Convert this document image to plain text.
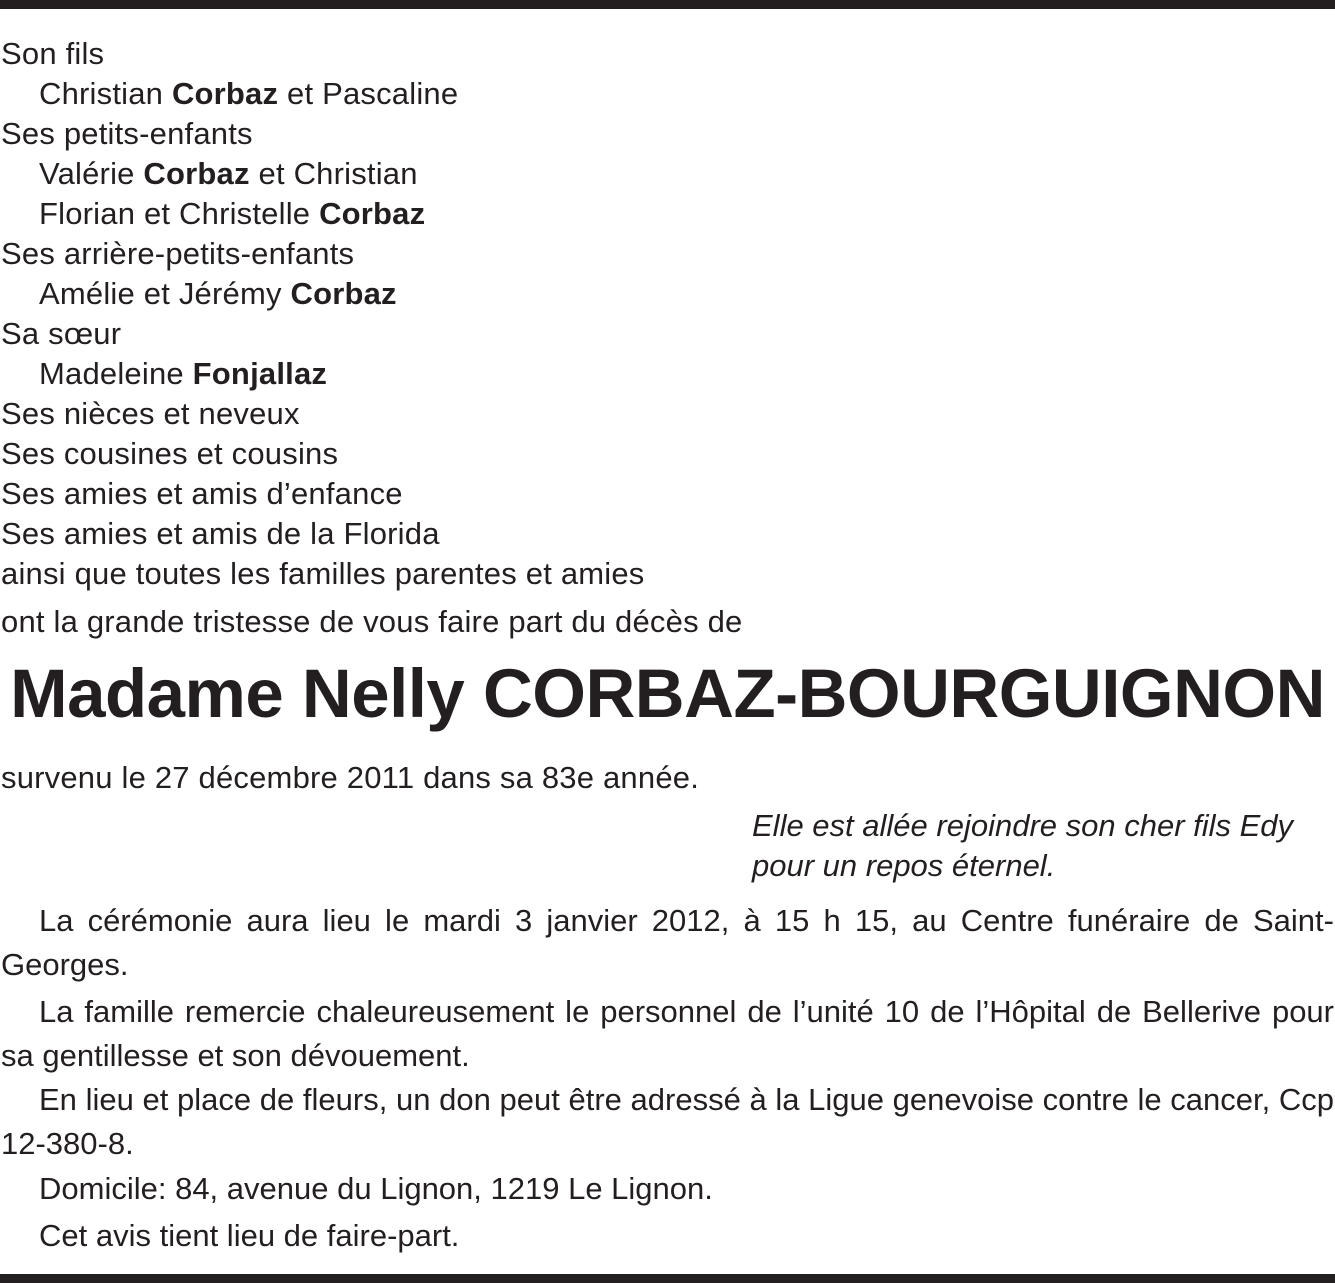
Son fils
Christian Corbaz et Pascaline
Ses petits-enfants
Valérie Corbaz et Christian
Florian et Christelle Corbaz
Ses arrière-petits-enfants
Amélie et Jérémy Corbaz
Sa sœur
Madeleine Fonjallaz
Ses nièces et neveux
Ses cousines et cousins
Ses amies et amis d’enfance
Ses amies et amis de la Florida
ainsi que toutes les familles parentes et amies
ont la grande tristesse de vous faire part du décès de
Madame Nelly CORBAZ-BOURGUIGNON
survenu le 27 décembre 2011 dans sa 83e année.
Elle est allée rejoindre son cher fils Edy
pour un repos éternel.
La cérémonie aura lieu le mardi 3 janvier 2012, à 15 h 15, au Centre funéraire de Saint-Georges.
La famille remercie chaleureusement le personnel de l’unité 10 de l’Hôpital de Bellerive pour sa gentillesse et son dévouement.
En lieu et place de fleurs, un don peut être adressé à la Ligue genevoise contre le cancer, Ccp 12-380-8.
Domicile: 84, avenue du Lignon, 1219 Le Lignon.
Cet avis tient lieu de faire-part.
